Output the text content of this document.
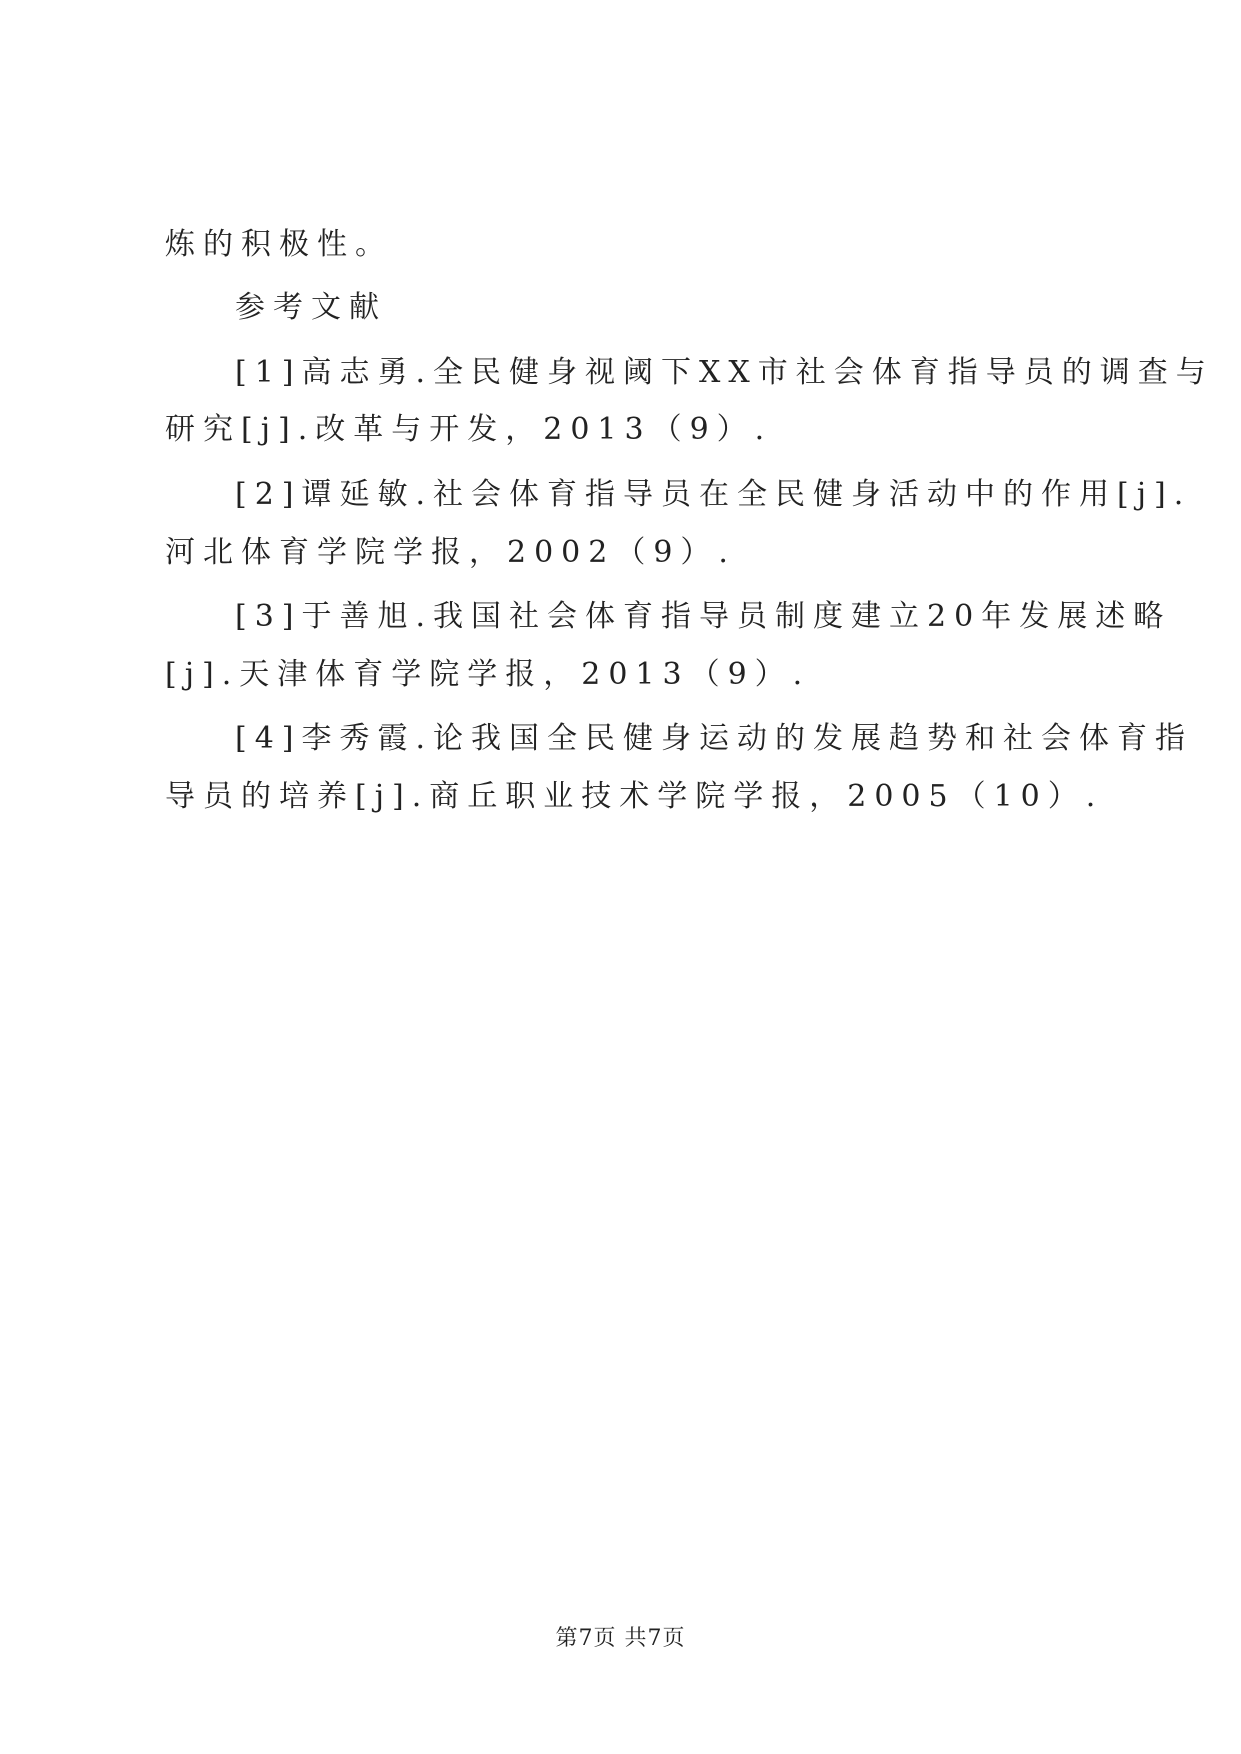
炼的积极性。
参考文献
[1]高志勇.全民健身视阈下XX市社会体育指导员的调查与
研究[j].改革与开发，2013（9）.
[2]谭延敏.社会体育指导员在全民健身活动中的作用[j].
河北体育学院学报，2002（9）.
[3]于善旭.我国社会体育指导员制度建立20年发展述略
[j].天津体育学院学报，2013（9）.
[4]李秀霞.论我国全民健身运动的发展趋势和社会体育指
导员的培养[j].商丘职业技术学院学报，2005（10）.
第7页 共7页
